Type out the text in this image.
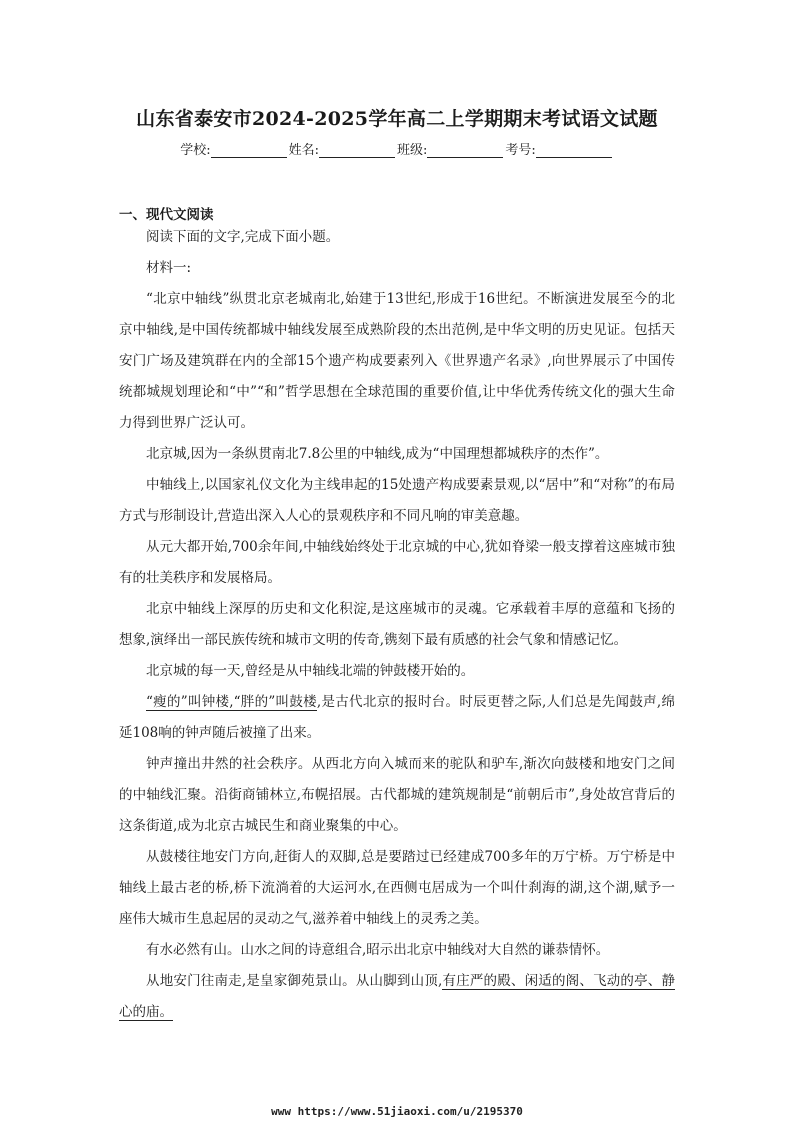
山东省泰安市2024-2025学年高二上学期期末考试语文试题
学校:	姓名:	班级:	考号:
一、现代文阅读

阅读下面的文字,完成下面小题。

材料一:

“北京中轴线”纵贯北京老城南北,始建于13世纪,形成于16世纪。不断演进发展至今的北京中轴线,是中国传统都城中轴线发展至成熟阶段的杰出范例,是中华文明的历史见证。包括天安门广场及建筑群在内的全部15个遗产构成要素列入《世界遗产名录》,向世界展示了中国传统都城规划理论和“中”“和”哲学思想在全球范围的重要价值,让中华优秀传统文化的强大生命力得到世界广泛认可。

北京城,因为一条纵贯南北7.8公里的中轴线,成为“中国理想都城秩序的杰作”。

中轴线上,以国家礼仪文化为主线串起的15处遗产构成要素景观,以“居中”和“对称”的布局方式与形制设计,营造出深入人心的景观秩序和不同凡响的审美意趣。

从元大都开始,700余年间,中轴线始终处于北京城的中心,犹如脊梁一般支撑着这座城市独有的壮美秩序和发展格局。

北京中轴线上深厚的历史和文化积淀,是这座城市的灵魂。它承载着丰厚的意蕴和飞扬的想象,演绎出一部民族传统和城市文明的传奇,镌刻下最有质感的社会气象和情感记忆。

北京城的每一天,曾经是从中轴线北端的钟鼓楼开始的。

“瘦的”叫钟楼,“胖的”叫鼓楼,是古代北京的报时台。时辰更替之际,人们总是先闻鼓声,绵延108响的钟声随后被撞了出来。

钟声撞出井然的社会秩序。从西北方向入城而来的驼队和驴车,渐次向鼓楼和地安门之间的中轴线汇聚。沿街商铺林立,布幌招展。古代都城的建筑规制是“前朝后市”,身处故宫背后的这条街道,成为北京古城民生和商业聚集的中心。

从鼓楼往地安门方向,赶街人的双脚,总是要踏过已经建成700多年的万宁桥。万宁桥是中轴线上最古老的桥,桥下流淌着的大运河水,在西侧屯居成为一个叫什刹海的湖,这个湖,赋予一座伟大城市生息起居的灵动之气,滋养着中轴线上的灵秀之美。

有水必然有山。山水之间的诗意组合,昭示出北京中轴线对大自然的谦恭情怀。

从地安门往南走,是皇家御苑景山。从山脚到山顶,有庄严的殿、闲适的阁、飞动的亭、静心的庙。

www https://www.51jiaoxi.com/u/2195370
